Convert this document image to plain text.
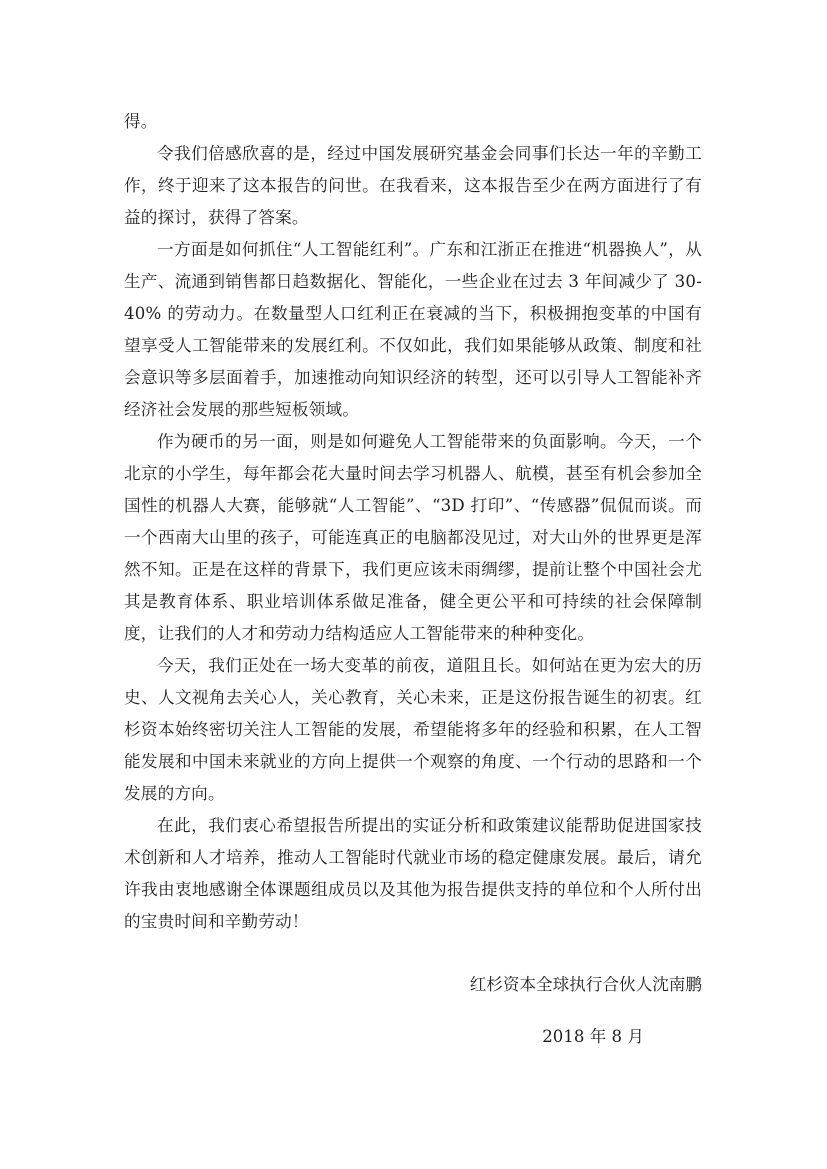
得。

令我们倍感欣喜的是，经过中国发展研究基金会同事们长达一年的辛勤工作，终于迎来了这本报告的问世。在我看来，这本报告至少在两方面进行了有益的探讨，获得了答案。

一方面是如何抓住“人工智能红利”。广东和江浙正在推进“机器换人”，从生产、流通到销售都日趋数据化、智能化，一些企业在过去 3 年间减少了 30-40% 的劳动力。在数量型人口红利正在衰减的当下，积极拥抱变革的中国有望享受人工智能带来的发展红利。不仅如此，我们如果能够从政策、制度和社会意识等多层面着手，加速推动向知识经济的转型，还可以引导人工智能补齐经济社会发展的那些短板领域。

作为硬币的另一面，则是如何避免人工智能带来的负面影响。今天，一个北京的小学生，每年都会花大量时间去学习机器人、航模，甚至有机会参加全国性的机器人大赛，能够就“人工智能”、“3D 打印”、“传感器”侃侃而谈。而一个西南大山里的孩子，可能连真正的电脑都没见过，对大山外的世界更是浑然不知。正是在这样的背景下，我们更应该未雨绸缪，提前让整个中国社会尤其是教育体系、职业培训体系做足准备，健全更公平和可持续的社会保障制度，让我们的人才和劳动力结构适应人工智能带来的种种变化。

今天，我们正处在一场大变革的前夜，道阻且长。如何站在更为宏大的历史、人文视角去关心人，关心教育，关心未来，正是这份报告诞生的初衷。红杉资本始终密切关注人工智能的发展，希望能将多年的经验和积累，在人工智能发展和中国未来就业的方向上提供一个观察的角度、一个行动的思路和一个发展的方向。

在此，我们衷心希望报告所提出的实证分析和政策建议能帮助促进国家技术创新和人才培养，推动人工智能时代就业市场的稳定健康发展。最后，请允许我由衷地感谢全体课题组成员以及其他为报告提供支持的单位和个人所付出的宝贵时间和辛勤劳动！

红杉资本全球执行合伙人沈南鹏
2018 年 8 月
